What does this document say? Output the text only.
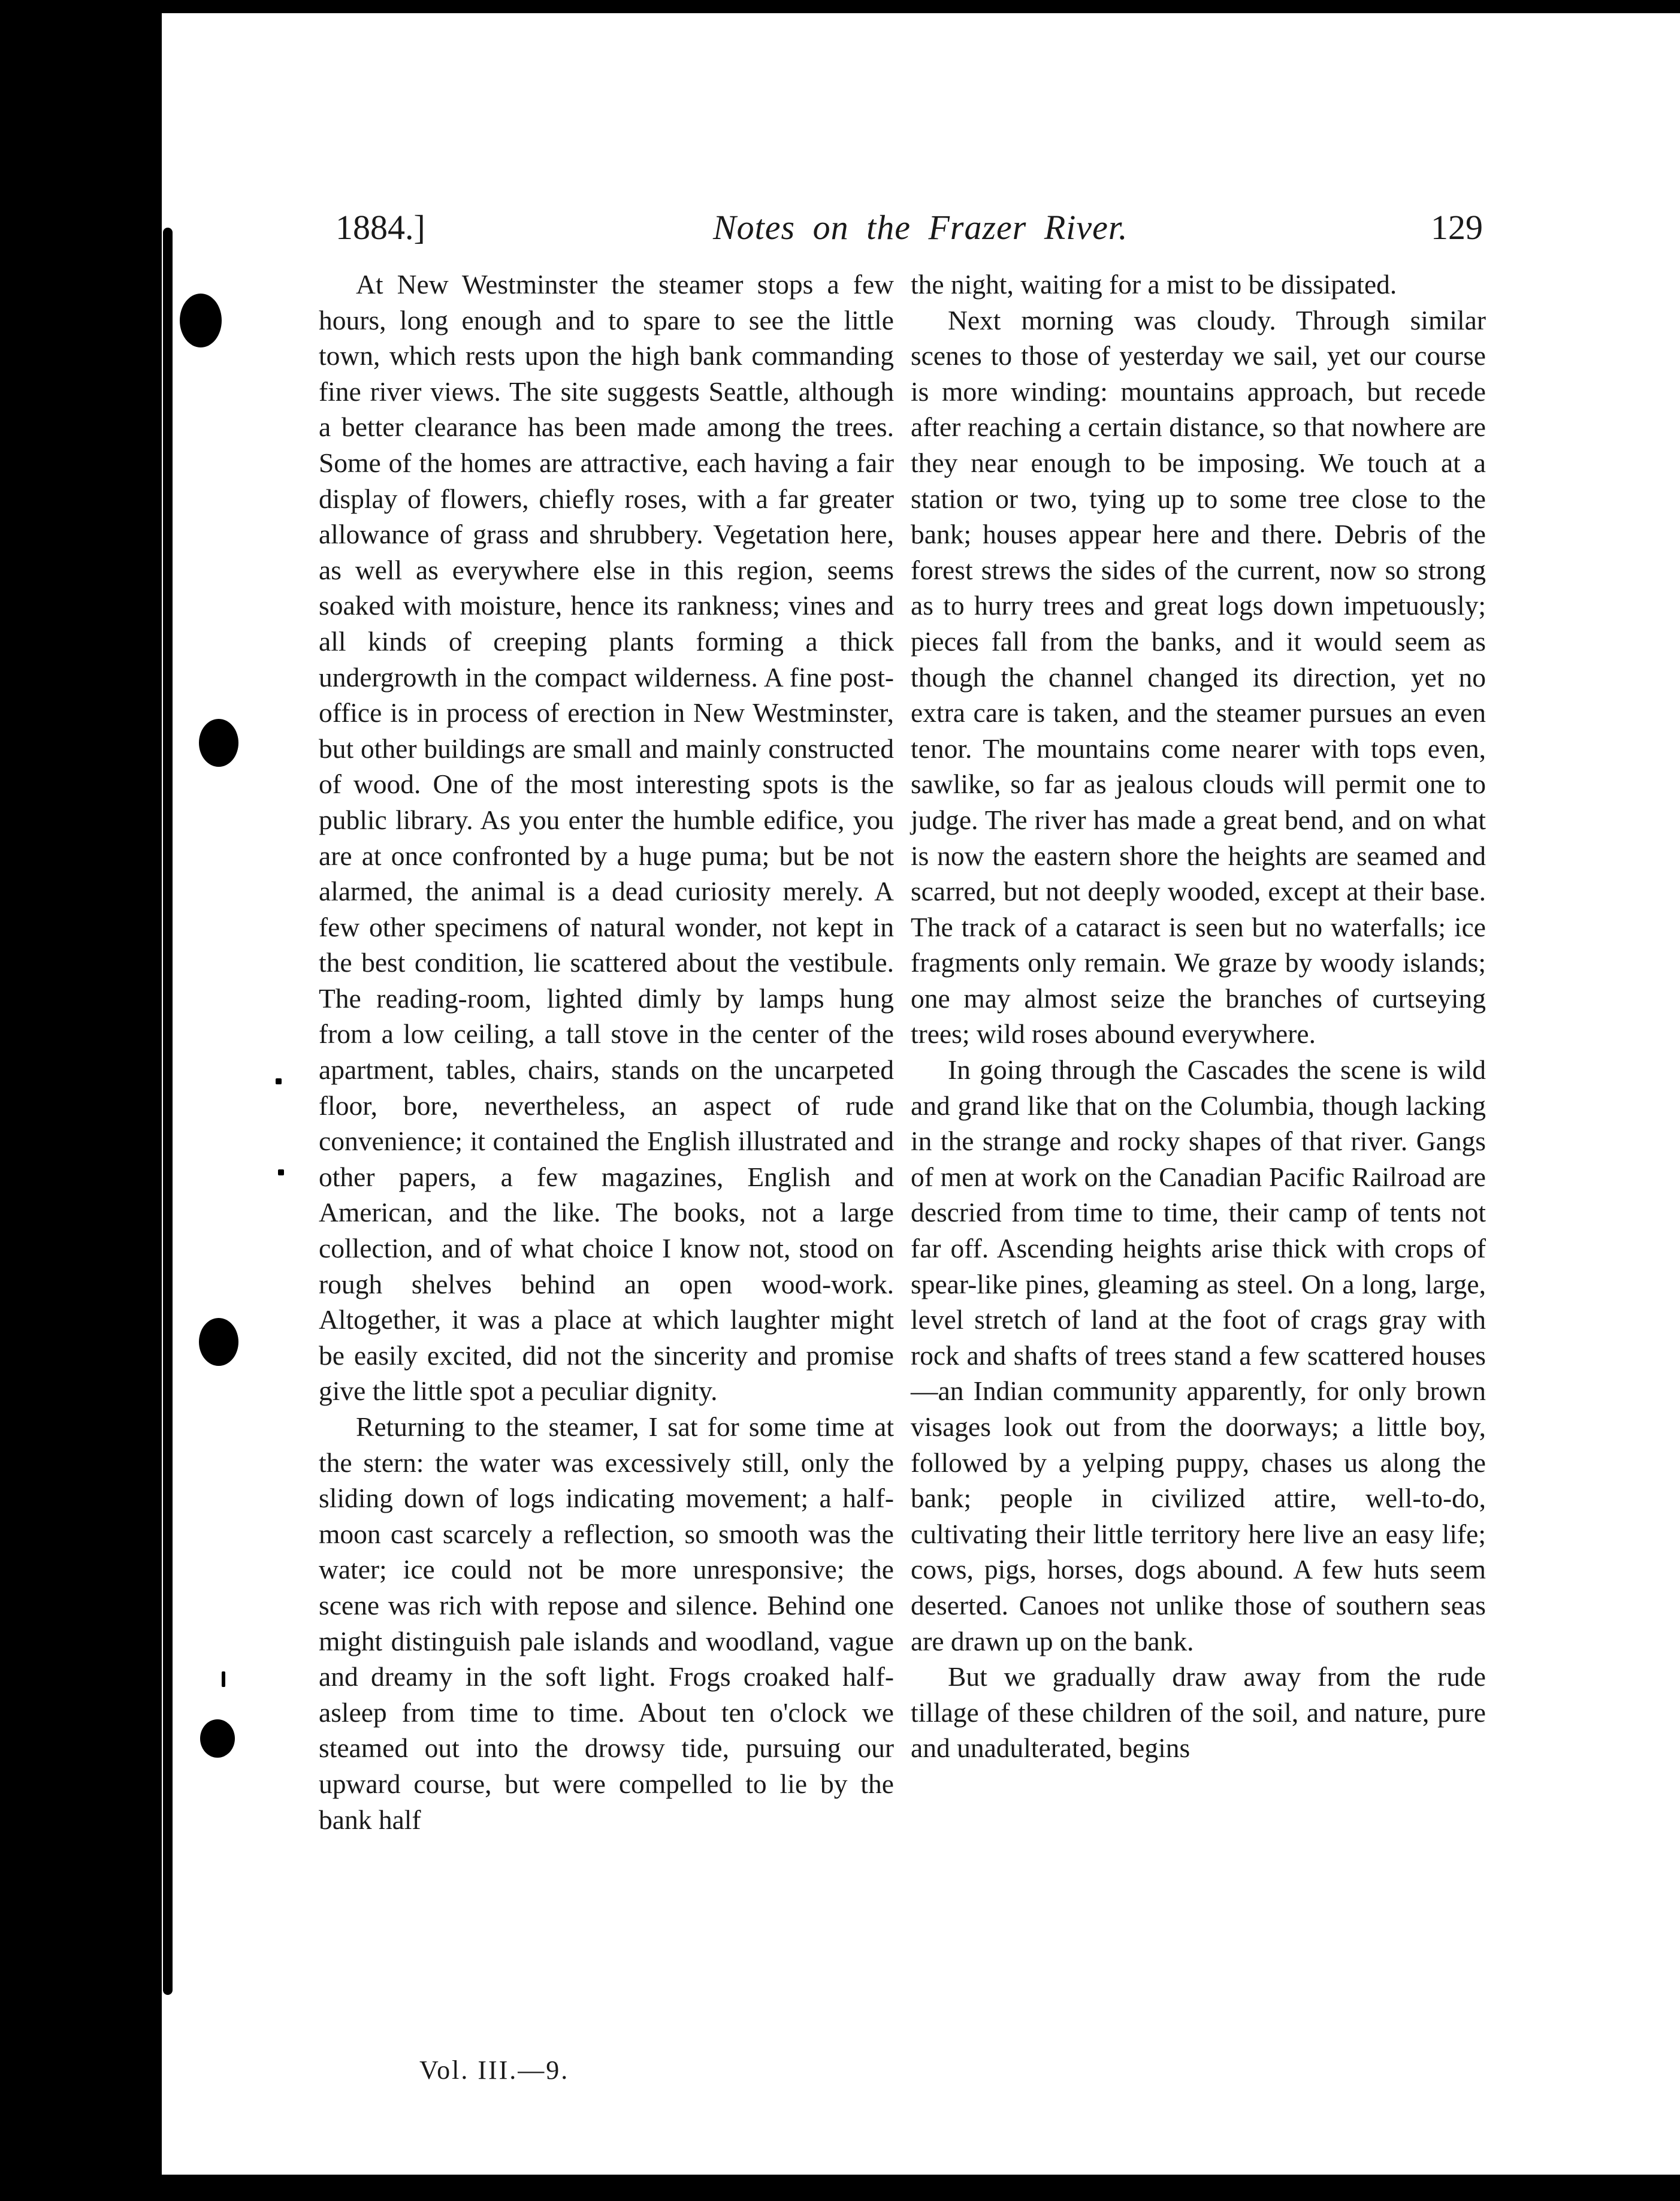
1884.]	Notes on the Frazer River.	129

At New Westminster the steamer stops a few hours, long enough and to spare to see the little town, which rests upon the high bank commanding fine river views. The site suggests Seattle, although a better clearance has been made among the trees. Some of the homes are attractive, each having a fair display of flowers, chiefly roses, with a far greater allowance of grass and shrubbery. Vegetation here, as well as everywhere else in this region, seems soaked with moisture, hence its rankness; vines and all kinds of creeping plants forming a thick undergrowth in the compact wilderness. A fine post-office is in process of erection in New Westminster, but other buildings are small and mainly constructed of wood. One of the most interesting spots is the public library. As you enter the humble edifice, you are at once confronted by a huge puma; but be not alarmed, the animal is a dead curiosity merely. A few other specimens of natural wonder, not kept in the best condition, lie scattered about the vestibule. The reading-room, lighted dimly by lamps hung from a low ceiling, a tall stove in the center of the apartment, tables, chairs, stands on the uncarpeted floor, bore, nevertheless, an aspect of rude convenience; it contained the English illustrated and other papers, a few magazines, English and American, and the like. The books, not a large collection, and of what choice I know not, stood on rough shelves behind an open wood-work. Altogether, it was a place at which laughter might be easily excited, did not the sincerity and promise give the little spot a peculiar dignity.

Returning to the steamer, I sat for some time at the stern: the water was excessively still, only the sliding down of logs indicating movement; a half-moon cast scarcely a reflection, so smooth was the water; ice could not be more unresponsive; the scene was rich with repose and silence. Behind one might distinguish pale islands and woodland, vague and dreamy in the soft light. Frogs croaked half-asleep from time to time. About ten o'clock we steamed out into the drowsy tide, pursuing our upward course, but were compelled to lie by the bank half

the night, waiting for a mist to be dissipated.

Next morning was cloudy. Through similar scenes to those of yesterday we sail, yet our course is more winding: mountains approach, but recede after reaching a certain distance, so that nowhere are they near enough to be imposing. We touch at a station or two, tying up to some tree close to the bank; houses appear here and there. Debris of the forest strews the sides of the current, now so strong as to hurry trees and great logs down impetuously; pieces fall from the banks, and it would seem as though the channel changed its direction, yet no extra care is taken, and the steamer pursues an even tenor. The mountains come nearer with tops even, sawlike, so far as jealous clouds will permit one to judge. The river has made a great bend, and on what is now the eastern shore the heights are seamed and scarred, but not deeply wooded, except at their base. The track of a cataract is seen but no waterfalls; ice fragments only remain. We graze by woody islands; one may almost seize the branches of curtseying trees; wild roses abound everywhere.

In going through the Cascades the scene is wild and grand like that on the Columbia, though lacking in the strange and rocky shapes of that river. Gangs of men at work on the Canadian Pacific Railroad are descried from time to time, their camp of tents not far off. Ascending heights arise thick with crops of spear-like pines, gleaming as steel. On a long, large, level stretch of land at the foot of crags gray with rock and shafts of trees stand a few scattered houses—an Indian community apparently, for only brown visages look out from the doorways; a little boy, followed by a yelping puppy, chases us along the bank; people in civilized attire, well-to-do, cultivating their little territory here live an easy life; cows, pigs, horses, dogs abound. A few huts seem deserted. Canoes not unlike those of southern seas are drawn up on the bank.

But we gradually draw away from the rude tillage of these children of the soil, and nature, pure and unadulterated, begins

Vol. III.—9.
